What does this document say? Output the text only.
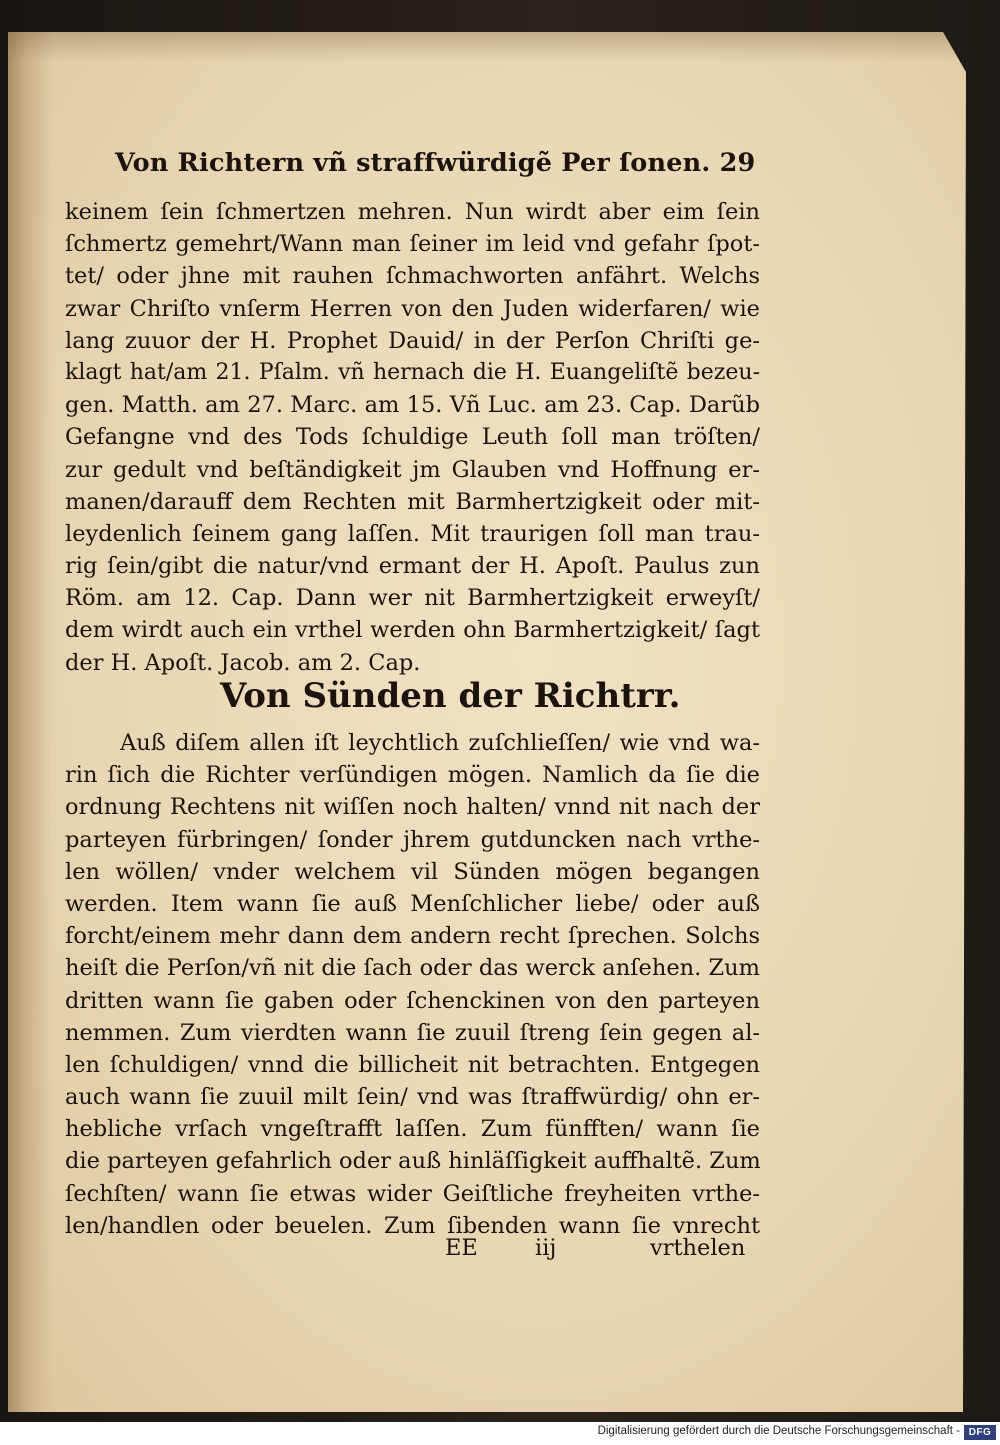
Von Richtern vñ straffwürdigẽ Per ſonen. 29
keinem ſein ſchmertzen mehren. Nun wirdt aber eim ſein
ſchmertz gemehrt/Wann man ſeiner im leid vnd gefahr ſpot-
tet/ oder jhne mit rauhen ſchmachworten anfährt. Welchs
zwar Chriſto vnſerm Herren von den Juden widerfaren/ wie
lang zuuor der H. Prophet Dauid/ in der Perſon Chriſti ge-
klagt hat/am 21. Pſalm. vñ hernach die H. Euangeliſtẽ bezeu-
gen. Matth. am 27. Marc. am 15. Vñ Luc. am 23. Cap. Darũb
Gefangne vnd des Tods ſchuldige Leuth ſoll man tröſten/
zur gedult vnd beſtändigkeit jm Glauben vnd Hoffnung er-
manen/darauff dem Rechten mit Barmhertzigkeit oder mit-
leydenlich ſeinem gang laſſen. Mit traurigen ſoll man trau-
rig ſein/gibt die natur/vnd ermant der H. Apoſt. Paulus zun
Röm. am 12. Cap. Dann wer nit Barmhertzigkeit erweyſt/
dem wirdt auch ein vrthel werden ohn Barmhertzigkeit/ ſagt
der H. Apoſt. Jacob. am 2. Cap.
Von Sünden der Richtrr.
Auß diſem allen iſt leychtlich zuſchlieſſen/ wie vnd wa-
rin ſich die Richter verſündigen mögen. Namlich da ſie die
ordnung Rechtens nit wiſſen noch halten/ vnnd nit nach der
parteyen fürbringen/ ſonder jhrem gutduncken nach vrthe-
len wöllen/ vnder welchem vil Sünden mögen begangen
werden. Item wann ſie auß Menſchlicher liebe/ oder auß
forcht/einem mehr dann dem andern recht ſprechen. Solchs
heiſt die Perſon/vñ nit die ſach oder das werck anſehen. Zum
dritten wann ſie gaben oder ſchenckinen von den parteyen
nemmen. Zum vierdten wann ſie zuuil ſtreng ſein gegen al-
len ſchuldigen/ vnnd die billicheit nit betrachten. Entgegen
auch wann ſie zuuil milt ſein/ vnd was ſtraffwürdig/ ohn er-
hebliche vrſach vngeſtrafft laſſen. Zum fünfften/ wann ſie
die parteyen gefahrlich oder auß hinläſſigkeit auffhaltẽ. Zum
ſechſten/ wann ſie etwas wider Geiſtliche freyheiten vrthe-
len/handlen oder beuelen. Zum ſibenden wann ſie vnrecht
EE	iij	vrthelen
Digitalisierung gefördert durch die Deutsche Forschungsgemeinschaft - DFG
